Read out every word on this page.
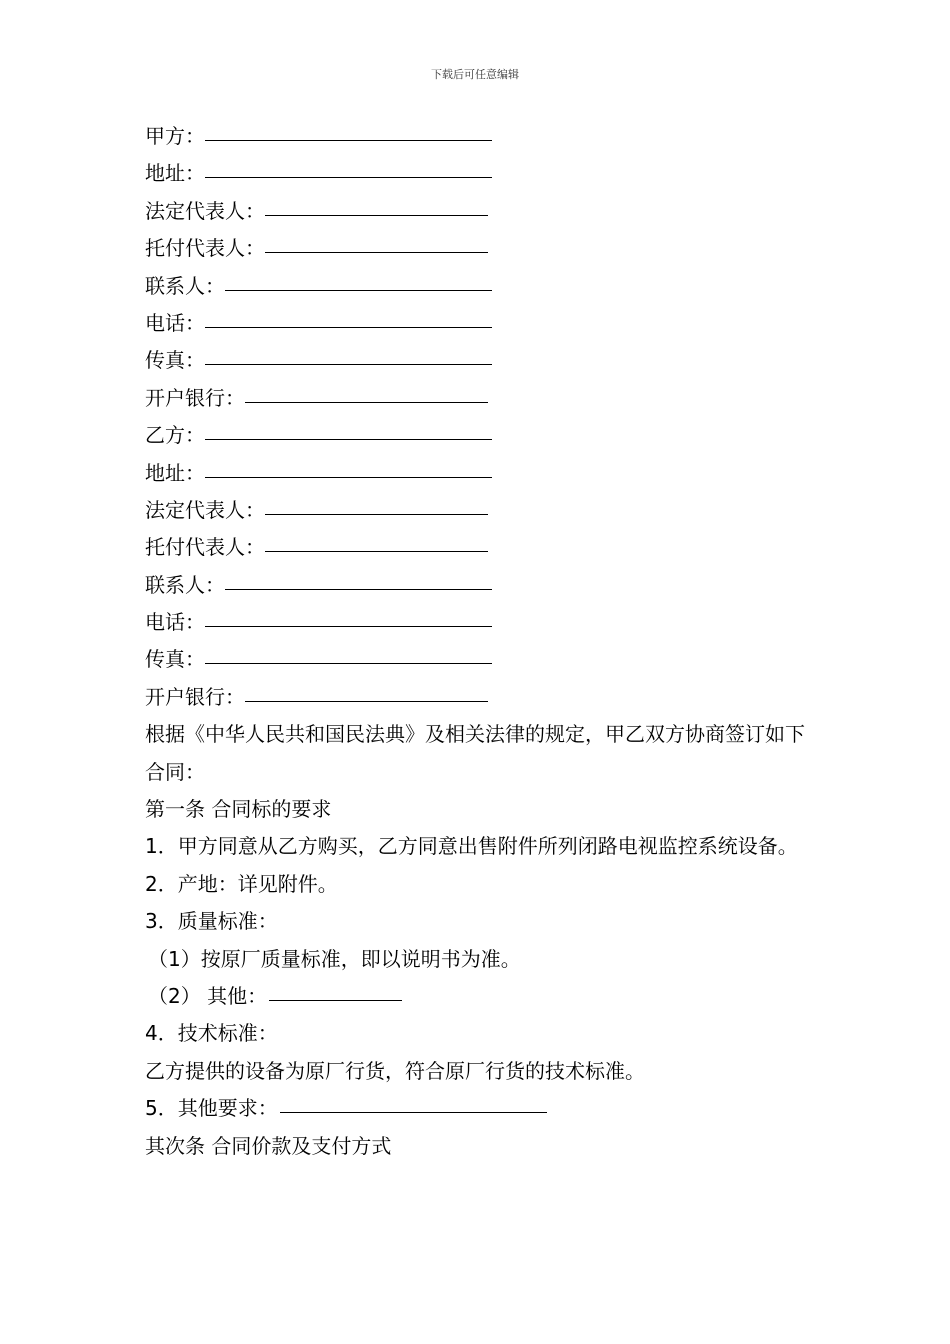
下载后可任意编辑
甲方：
地址：
法定代表人：
托付代表人：
联系人：
电话：
传真：
开户银行：
乙方：
地址：
法定代表人：
托付代表人：
联系人：
电话：
传真：
开户银行：
根据《中华人民共和国民法典》及相关法律的规定，甲乙双方协商签订如下合同：
第一条 合同标的要求
1．甲方同意从乙方购买，乙方同意出售附件所列闭路电视监控系统设备。
2．产地：详见附件。
3．质量标准：
（1）按原厂质量标准，即以说明书为准。
（2） 其他：
4．技术标准：
乙方提供的设备为原厂行货，符合原厂行货的技术标准。
5．其他要求：
其次条 合同价款及支付方式
